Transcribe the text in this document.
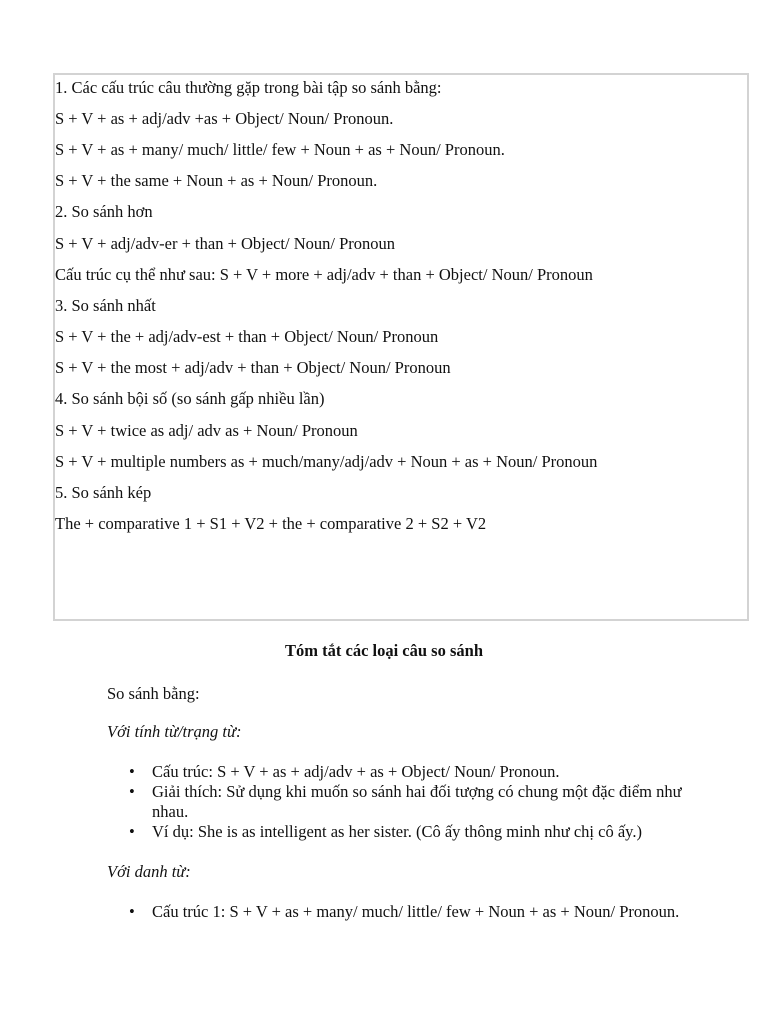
1. Các cấu trúc câu thường gặp trong bài tập so sánh bằng:
S + V + as + adj/adv +as + Object/ Noun/ Pronoun.
S + V + as + many/ much/ little/ few + Noun + as + Noun/ Pronoun.
S + V + the same + Noun + as + Noun/ Pronoun.
2. So sánh hơn
S + V + adj/adv-er + than + Object/ Noun/ Pronoun
Cấu trúc cụ thể như sau: S + V + more + adj/adv + than + Object/ Noun/ Pronoun
3. So sánh nhất
S + V + the + adj/adv-est + than + Object/ Noun/ Pronoun
S + V + the most + adj/adv + than + Object/ Noun/ Pronoun
4. So sánh bội số (so sánh gấp nhiều lần)
S + V + twice as adj/ adv as + Noun/ Pronoun
S + V + multiple numbers as + much/many/adj/adv + Noun + as + Noun/ Pronoun
5. So sánh kép
The + comparative 1 + S1 + V2 + the + comparative 2 + S2 + V2
Tóm tắt các loại câu so sánh
So sánh bằng:
Với tính từ/trạng từ:
• Cấu trúc: S + V + as + adj/adv + as + Object/ Noun/ Pronoun.
• Giải thích: Sử dụng khi muốn so sánh hai đối tượng có chung một đặc điểm như nhau.
• Ví dụ: She is as intelligent as her sister. (Cô ấy thông minh như chị cô ấy.)
Với danh từ:
• Cấu trúc 1: S + V + as + many/ much/ little/ few + Noun + as + Noun/ Pronoun.
